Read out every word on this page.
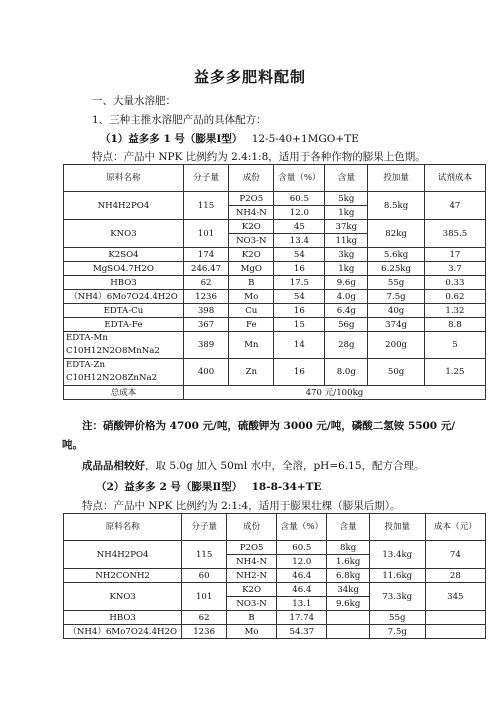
益多多肥料配制
一、大量水溶肥：
1、三种主推水溶肥产品的具体配方：
（1）益多多 1 号（膨果Ⅰ型） 12-5-40+1MGO+TE
特点：产品中 NPK 比例约为 2.4:1:8，适用于各种作物的膨果上色期。
原料名称	分子量	成份	含量（%）	含量	投加量	试剂成本
NH4H2PO4	115	P2O5	60.5	5kg	8.5kg	47
		NH4-N	12.0	1kg		
KNO3	101	K2O	45	37kg	82kg	385.5
		NO3-N	13.4	11kg		
K2SO4	174	K2O	54	3kg	5.6kg	17
MgSO4.7H2O	246.47	MgO	16	1kg	6.25kg	3.7
HBO3	62	B	17.5	9.6g	55g	0.33
（NH4）6Mo7O24.4H2O	1236	Mo	54	4.0g	7.5g	0.62
EDTA-Cu	398	Cu	16	6.4g	40g	1.32
EDTA-Fe	367	Fe	15	56g	374g	8.8
EDTA-Mn C10H12N2O8MnNa2	389	Mn	14	28g	200g	5
EDTA-Zn C10H12N2O8ZnNa2	400	Zn	16	8.0g	50g	1.25
总成本	470 元/100kg					
注：硝酸钾价格为 4700 元/吨，硫酸钾为 3000 元/吨，磷酸二氢铵 5500 元/
吨。
成品品相较好，取 5.0g 加入 50ml 水中，全溶，pH=6.15，配方合理。
（2）益多多 2 号（膨果Ⅱ型） 18-8-34+TE
特点：产品中 NPK 比例约为 2:1:4，适用于膨果壮棵（膨果后期）。
原料名称	分子量	成份	含量（%）	含量	投加量	成本（元）
NH4H2PO4	115	P2O5	60.5	8kg	13.4kg	74
		NH4-N	12.0	1.6kg		
NH2CONH2	60	NH2-N	46.4	6.8kg	11.6kg	28
KNO3	101	K2O	46.4	34kg	73.3kg	345
		NO3-N	13.1	9.6kg		
HBO3	62	B	17.74		55g	
（NH4）6Mo7O24.4H2O	1236	Mo	54.37		7.5g	
